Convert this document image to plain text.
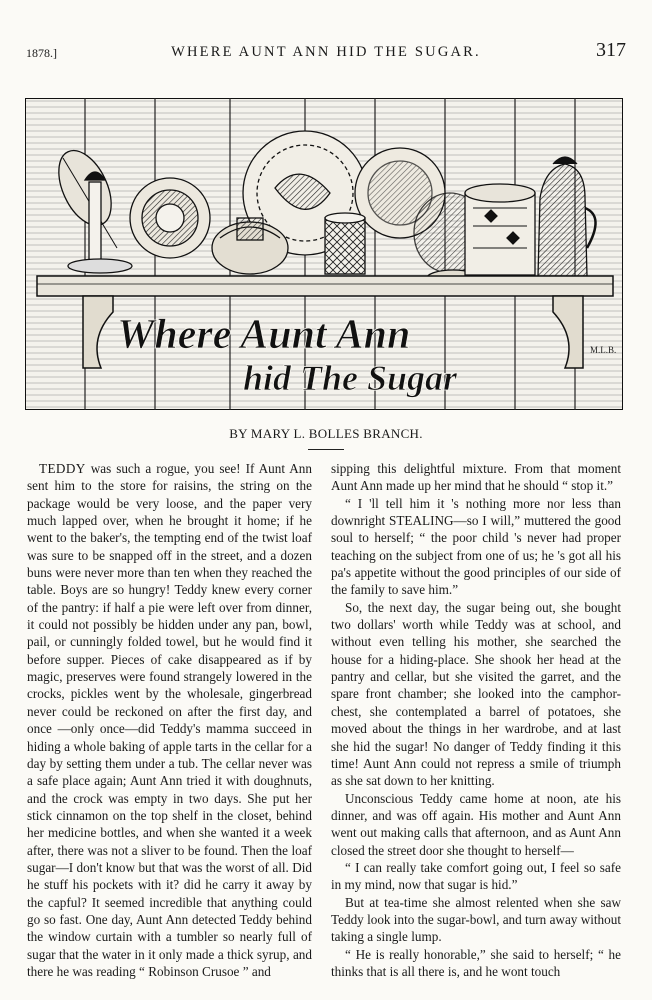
1878.]	WHERE AUNT ANN HID THE SUGAR.	317
Where Aunt Ann
hid The Sugar
M.L.B.
BY MARY L. BOLLES BRANCH.

TEDDY was such a rogue, you see! If Aunt Ann sent him to the store for raisins, the string on the package would be very loose, and the paper very much lapped over, when he brought it home; if he went to the baker's, the tempting end of the twist loaf was sure to be snapped off in the street, and a dozen buns were never more than ten when they reached the table. Boys are so hungry! Teddy knew every corner of the pantry: if half a pie were left over from dinner, it could not possibly be hidden under any pan, bowl, pail, or cunningly folded towel, but he would find it before supper. Pieces of cake disappeared as if by magic, preserves were found strangely lowered in the crocks, pickles went by the wholesale, gingerbread never could be reckoned on after the first day, and once —only once—did Teddy's mamma succeed in hiding a whole baking of apple tarts in the cellar for a day by setting them under a tub. The cellar never was a safe place again; Aunt Ann tried it with doughnuts, and the crock was empty in two days. She put her stick cinnamon on the top shelf in the closet, behind her medicine bottles, and when she wanted it a week after, there was not a sliver to be found. Then the loaf sugar—I don't know but that was the worst of all. Did he stuff his pockets with it? did he carry it away by the capful? It seemed incredible that anything could go so fast. One day, Aunt Ann detected Teddy behind the window curtain with a tumbler so nearly full of sugar that the water in it only made a thick syrup, and there he was reading “ Robinson Crusoe ” and

sipping this delightful mixture. From that moment Aunt Ann made up her mind that he should “ stop it.”

“ I 'll tell him it 's nothing more nor less than downright STEALING—so I will,” muttered the good soul to herself; “ the poor child 's never had proper teaching on the subject from one of us; he 's got all his pa's appetite without the good principles of our side of the family to save him.”

So, the next day, the sugar being out, she bought two dollars' worth while Teddy was at school, and without even telling his mother, she searched the house for a hiding-place. She shook her head at the pantry and cellar, but she visited the garret, and the spare front chamber; she looked into the camphor-chest, she contemplated a barrel of potatoes, she moved about the things in her wardrobe, and at last she hid the sugar! No danger of Teddy finding it this time! Aunt Ann could not repress a smile of triumph as she sat down to her knitting.

Unconscious Teddy came home at noon, ate his dinner, and was off again. His mother and Aunt Ann went out making calls that afternoon, and as Aunt Ann closed the street door she thought to herself—

“ I can really take comfort going out, I feel so safe in my mind, now that sugar is hid.”

But at tea-time she almost relented when she saw Teddy look into the sugar-bowl, and turn away without taking a single lump.

“ He is really honorable,” she said to herself; “ he thinks that is all there is, and he wont touch
